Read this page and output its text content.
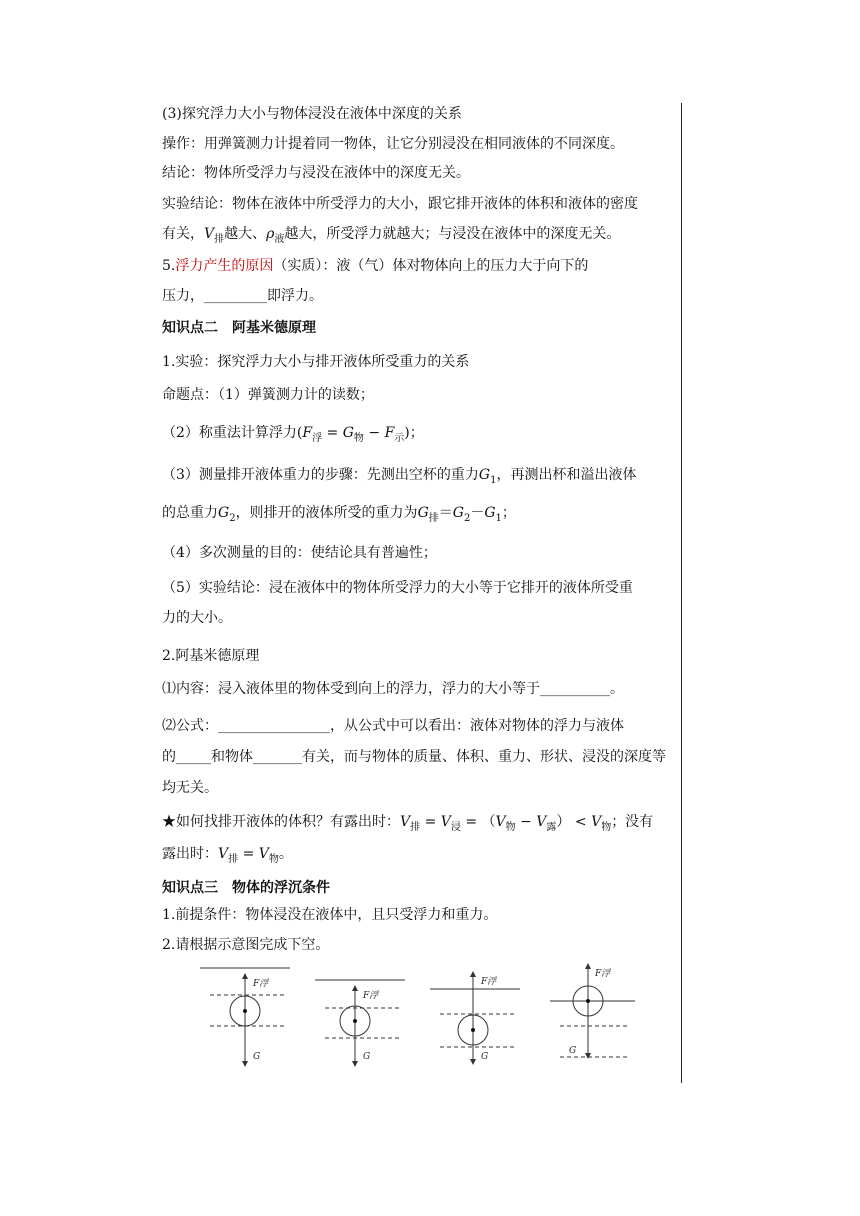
(3)探究浮力大小与物体浸没在液体中深度的关系
操作：用弹簧测力计提着同一物体，让它分别浸没在相同液体的不同深度。
结论：物体所受浮力与浸没在液体中的深度无关。
实验结论：物体在液体中所受浮力的大小，跟它排开液体的体积和液体的密度
有关，$V_排$越大、$\rho_液$越大，所受浮力就越大；与浸没在液体中的深度无关。
5.浮力产生的原因（实质）：液（气）体对物体向上的压力大于向下的
压力，_________即浮力。
知识点二　阿基米德原理
1.实验：探究浮力大小与排开液体所受重力的关系
命题点：（1）弹簧测力计的读数；
（2）称重法计算浮力$(F_浮 = G_物 - F_示)$；
（3）测量排开液体重力的步骤：先测出空杯的重力$G_1$，再测出杯和溢出液体
的总重力$G_2$，则排开的液体所受的重力为$G_排=G_2-G_1$；
（4）多次测量的目的：使结论具有普遍性；
（5）实验结论：浸在液体中的物体所受浮力的大小等于它排开的液体所受重
力的大小。
2.阿基米德原理
⑴内容：浸入液体里的物体受到向上的浮力，浮力的大小等于__________。
⑵公式：________________，从公式中可以看出：液体对物体的浮力与液体
的_____和物体_______有关，而与物体的质量、体积、重力、形状、浸没的深度等
均无关。
★如何找排开液体的体积？有露出时：$V_排 = V_浸 = (V_物 - V_露) < V_物$；没有
露出时：$V_排 = V_物$。
知识点三　物体的浮沉条件
1.前提条件：物体浸没在液体中，且只受浮力和重力。
2.请根据示意图完成下空。
F浮
G
F浮
G
F浮
G
F浮
G
